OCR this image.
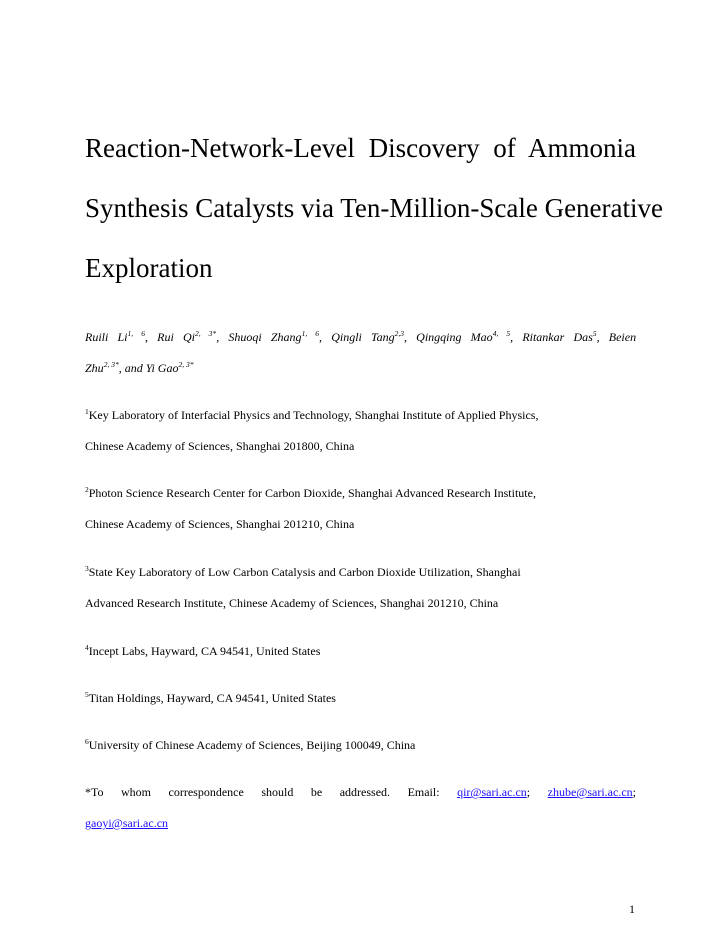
Reaction-Network-Level Discovery of Ammonia
Synthesis Catalysts via Ten-Million-Scale Generative
Exploration

Ruili Li$^{1, 6}$, Rui $Qi^{2, 3*}$, Shuoqi Zhang$^{1, 6}$, Qingli Tang$^{2,3}$, Qingqing Mao$^{4, 5}$, Ritankar Das$^5$, Beien
Zhu$^{2, 3*}$, and Yi Gao$^{2, 3*}$

$^1$Key Laboratory of Interfacial Physics and Technology, Shanghai Institute of Applied Physics,
Chinese Academy of Sciences, Shanghai 201800, China

$^2$Photon Science Research Center for Carbon Dioxide, Shanghai Advanced Research Institute,
Chinese Academy of Sciences, Shanghai 201210, China

$^3$State Key Laboratory of Low Carbon Catalysis and Carbon Dioxide Utilization, Shanghai
Advanced Research Institute, Chinese Academy of Sciences, Shanghai 201210, China

$^4$Incept Labs, Hayward, CA 94541, United States

$^5$Titan Holdings, Hayward, CA 94541, United States

$^6$University of Chinese Academy of Sciences, Beijing 100049, China

*To whom correspondence should be addressed. Email: qir@sari.ac.cn; zhube@sari.ac.cn;
gaoyi@sari.ac.cn

1
